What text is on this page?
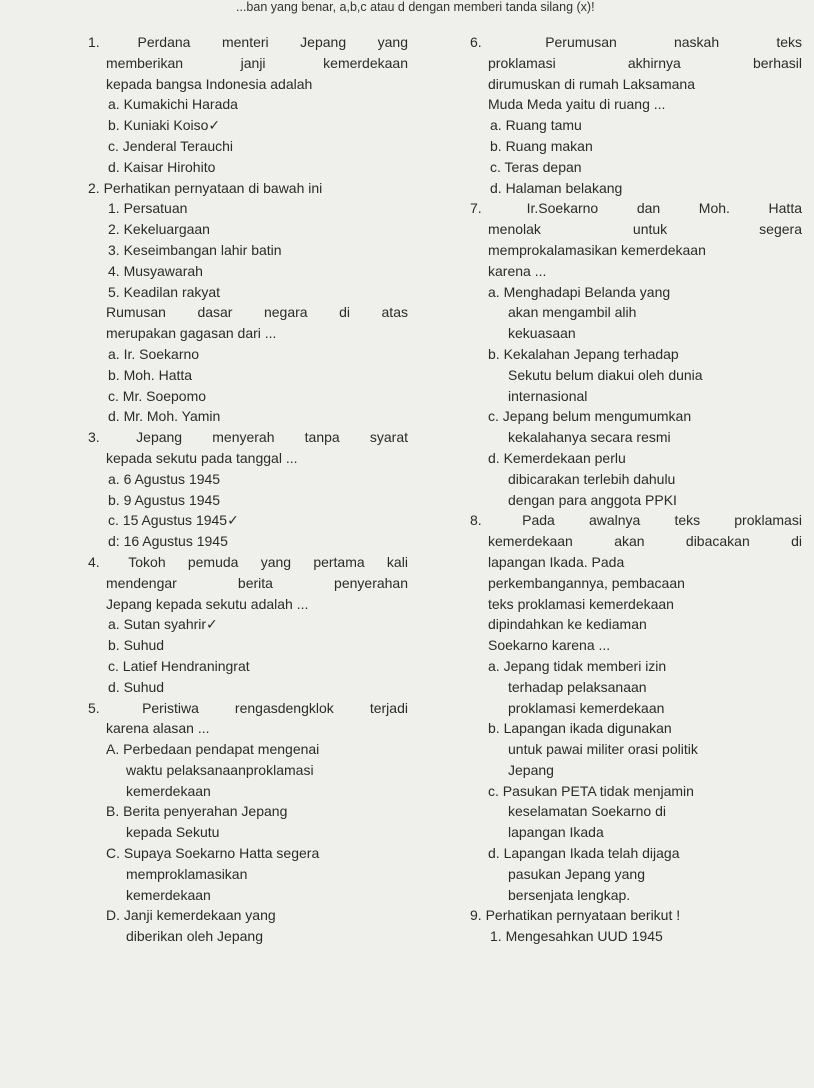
...ban yang benar, a,b,c atau d dengan memberi tanda silang (x)!
1.	Perdana menteri Jepang yang
memberikan	janji	kemerdekaan
kepada bangsa Indonesia adalah
a. Kumakichi Harada
b. Kuniaki Koiso✓
c. Jenderal Terauchi
d. Kaisar Hirohito
2. Perhatikan pernyataan di bawah ini
1. Persatuan
2. Kekeluargaan
3. Keseimbangan lahir batin
4. Musyawarah
5. Keadilan rakyat
Rumusan dasar negara di atas
merupakan gagasan dari ...
a. Ir. Soekarno
b. Moh. Hatta
c. Mr. Soepomo
d. Mr. Moh. Yamin
3.	Jepang menyerah tanpa syarat
kepada sekutu pada tanggal ...
a. 6 Agustus 1945
b. 9 Agustus 1945
c. 15 Agustus 1945✓
d: 16 Agustus 1945
4.	Tokoh pemuda yang pertama kali
mendengar	berita	penyerahan
Jepang kepada sekutu adalah ...
a. Sutan syahrir✓
b. Suhud
c. Latief Hendraningrat
d. Suhud
5.	Peristiwa	rengasdengklok	terjadi
karena alasan ...
A. Perbedaan pendapat mengenai
waktu pelaksanaanproklamasi
kemerdekaan
B. Berita penyerahan Jepang
kepada Sekutu
C. Supaya Soekarno Hatta segera
memproklamasikan
kemerdekaan
D. Janji kemerdekaan yang
diberikan oleh Jepang
6.	Perumusan	naskah	teks
proklamasi	akhirnya	berhasil
dirumuskan di rumah Laksamana
Muda Meda yaitu di ruang ...
a. Ruang tamu
b. Ruang makan
c. Teras depan
d. Halaman belakang
7.	Ir.Soekarno	dan	Moh.	Hatta
menolak	untuk	segera
memprokalamasikan kemerdekaan
karena ...
a. Menghadapi Belanda yang
akan mengambil alih
kekuasaan
b. Kekalahan Jepang terhadap
Sekutu belum diakui oleh dunia
internasional
c. Jepang belum mengumumkan
kekalahanya secara resmi
d. Kemerdekaan perlu
dibicarakan terlebih dahulu
dengan para anggota PPKI
8.	Pada awalnya teks proklamasi
kemerdekaan	akan	dibacakan	di
lapangan Ikada. Pada
perkembangannya, pembacaan
teks proklamasi kemerdekaan
dipindahkan ke kediaman
Soekarno karena ...
a. Jepang tidak memberi izin
terhadap pelaksanaan
proklamasi kemerdekaan
b. Lapangan ikada digunakan
untuk pawai militer orasi politik
Jepang
c. Pasukan PETA tidak menjamin
keselamatan Soekarno di
lapangan Ikada
d. Lapangan Ikada telah dijaga
pasukan Jepang yang
bersenjata lengkap.
9. Perhatikan pernyataan berikut !
1. Mengesahkan UUD 1945
